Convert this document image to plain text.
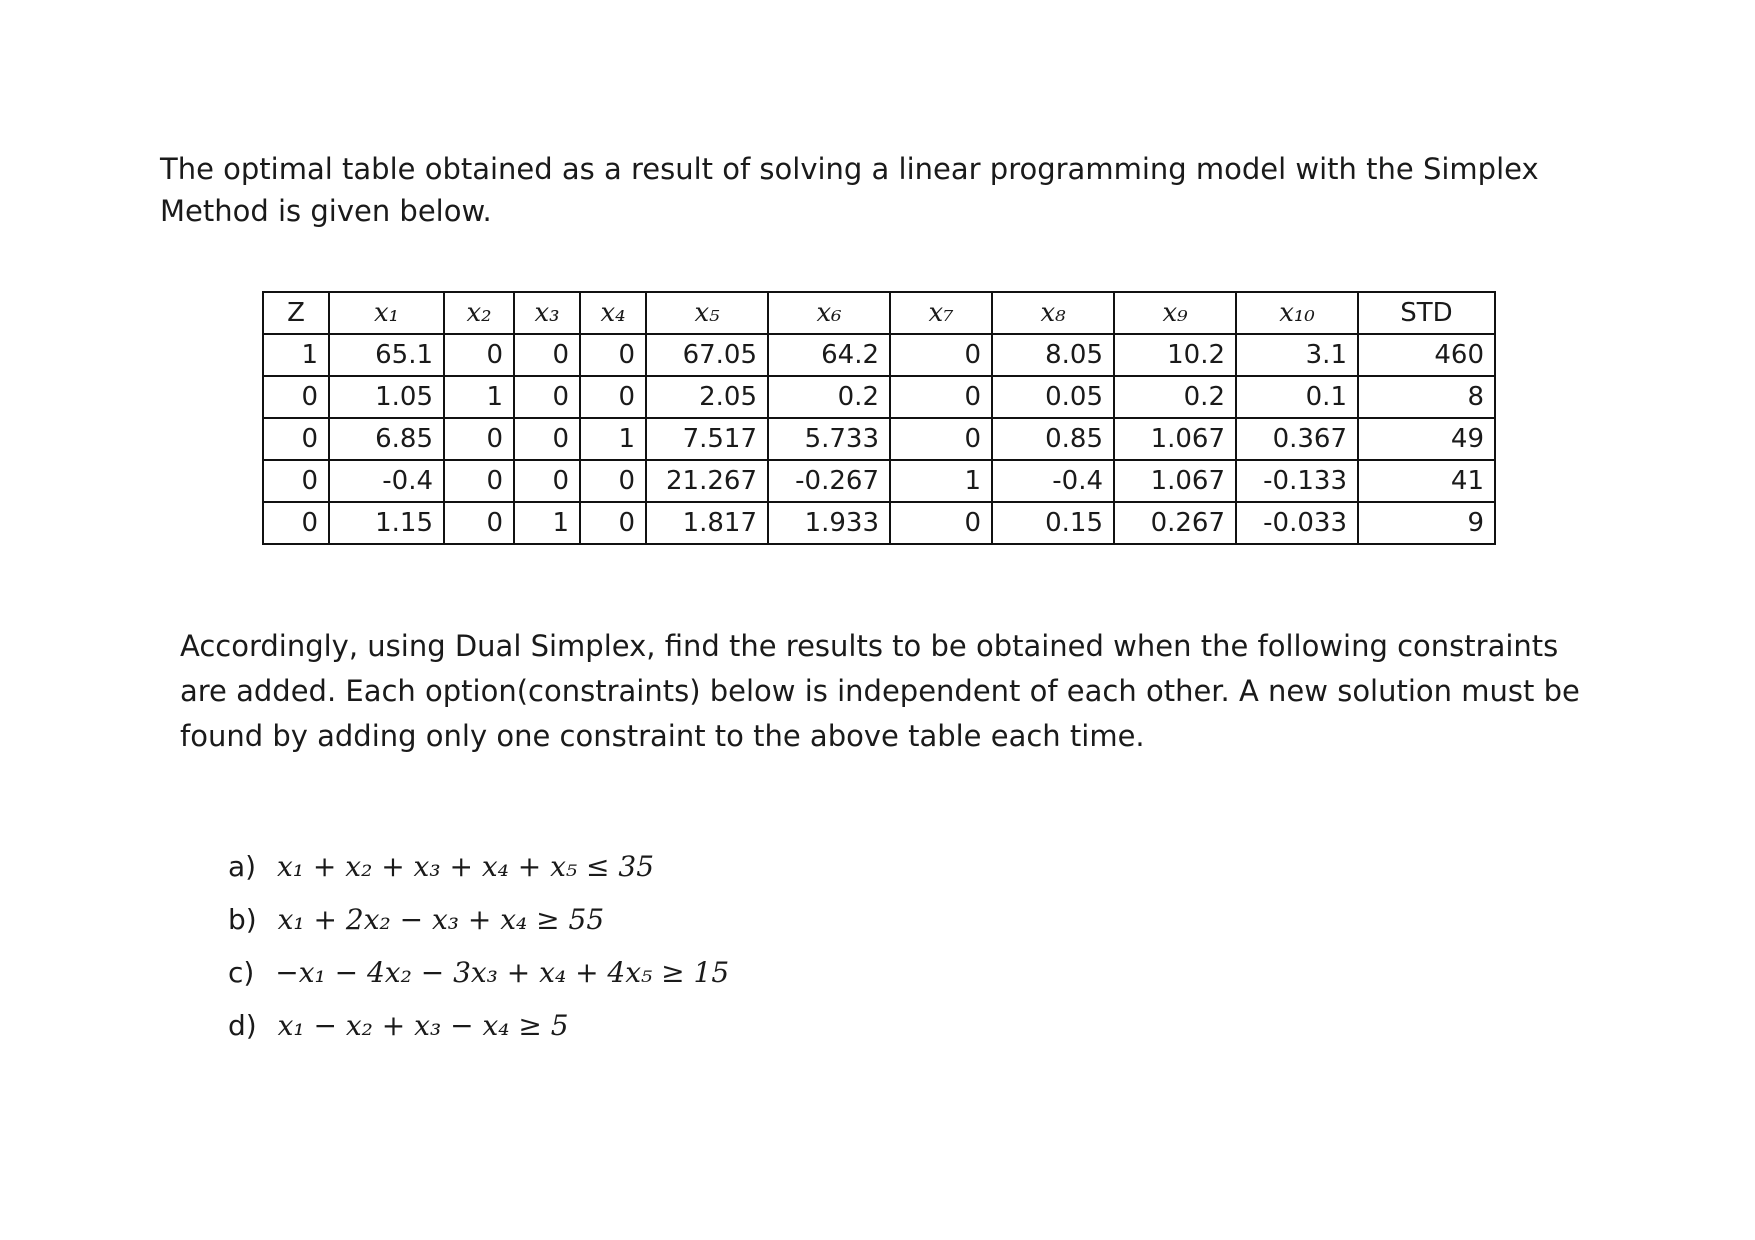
The optimal table obtained as a result of solving a linear programming model with the Simplex Method is given below.

Z	x₁	x₂	x₃	x₄	x₅	x₆	x₇	x₈	x₉	x₁₀	STD
1	65.1	0	0	0	67.05	64.2	0	8.05	10.2	3.1	460
0	1.05	1	0	0	2.05	0.2	0	0.05	0.2	0.1	8
0	6.85	0	0	1	7.517	5.733	0	0.85	1.067	0.367	49
0	-0.4	0	0	0	21.267	-0.267	1	-0.4	1.067	-0.133	41
0	1.15	0	1	0	1.817	1.933	0	0.15	0.267	-0.033	9

Accordingly, using Dual Simplex, find the results to be obtained when the following constraints are added. Each option(constraints) below is independent of each other. A new solution must be found by adding only one constraint to the above table each time.

a) x₁ + x₂ + x₃ + x₄ + x₅ ≤ 35
b) x₁ + 2x₂ − x₃ + x₄ ≥ 55
c) −x₁ − 4x₂ − 3x₃ + x₄ + 4x₅ ≥ 15
d) x₁ − x₂ + x₃ − x₄ ≥ 5
